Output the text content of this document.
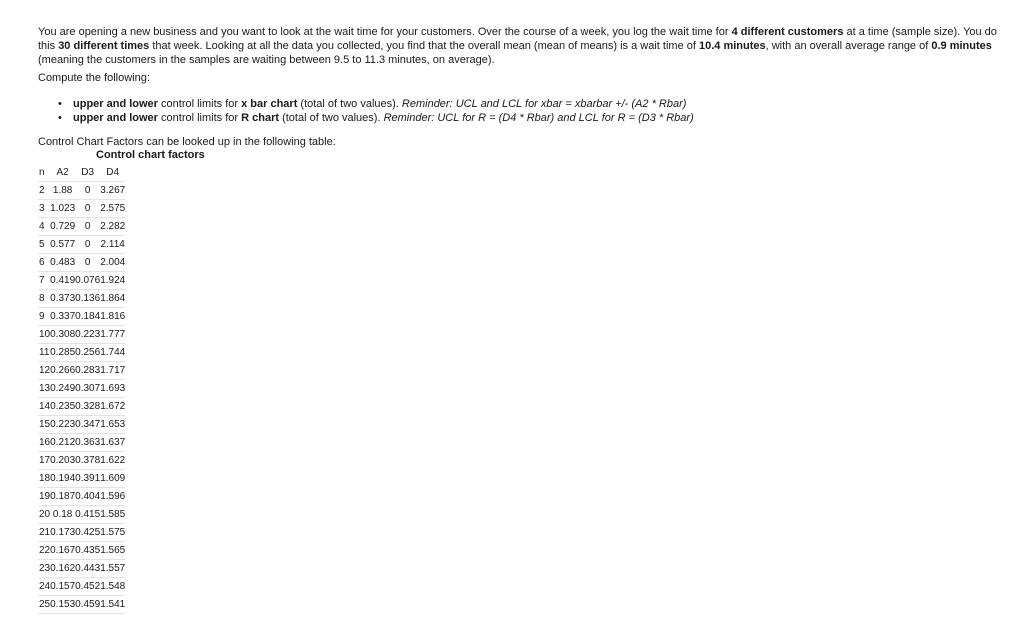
You are opening a new business and you want to look at the wait time for your customers. Over the course of a week, you log the wait time for 4 different customers at a time (sample size). You do this 30 different times that week. Looking at all the data you collected, you find that the overall mean (mean of means) is a wait time of 10.4 minutes, with an overall average range of 0.9 minutes (meaning the customers in the samples are waiting between 9.5 to 11.3 minutes, on average).
Compute the following:
• upper and lower control limits for x bar chart (total of two values). Reminder: UCL and LCL for xbar = xbarbar +/- (A2 * Rbar)
• upper and lower control limits for R chart (total of two values). Reminder: UCL for R = (D4 * Rbar) and LCL for R = (D3 * Rbar)
Control Chart Factors can be looked up in the following table:
Control chart factors
n	A2	D3	D4
2	1.88	0	3.267
3	1.023	0	2.575
4	0.729	0	2.282
5	0.577	0	2.114
6	0.483	0	2.004
7	0.419	0.076	1.924
8	0.373	0.136	1.864
9	0.337	0.184	1.816
10	0.308	0.223	1.777
11	0.285	0.256	1.744
12	0.266	0.283	1.717
13	0.249	0.307	1.693
14	0.235	0.328	1.672
15	0.223	0.347	1.653
16	0.212	0.363	1.637
17	0.203	0.378	1.622
18	0.194	0.391	1.609
19	0.187	0.404	1.596
20	0.18	0.415	1.585
21	0.173	0.425	1.575
22	0.167	0.435	1.565
23	0.162	0.443	1.557
24	0.157	0.452	1.548
25	0.153	0.459	1.541
